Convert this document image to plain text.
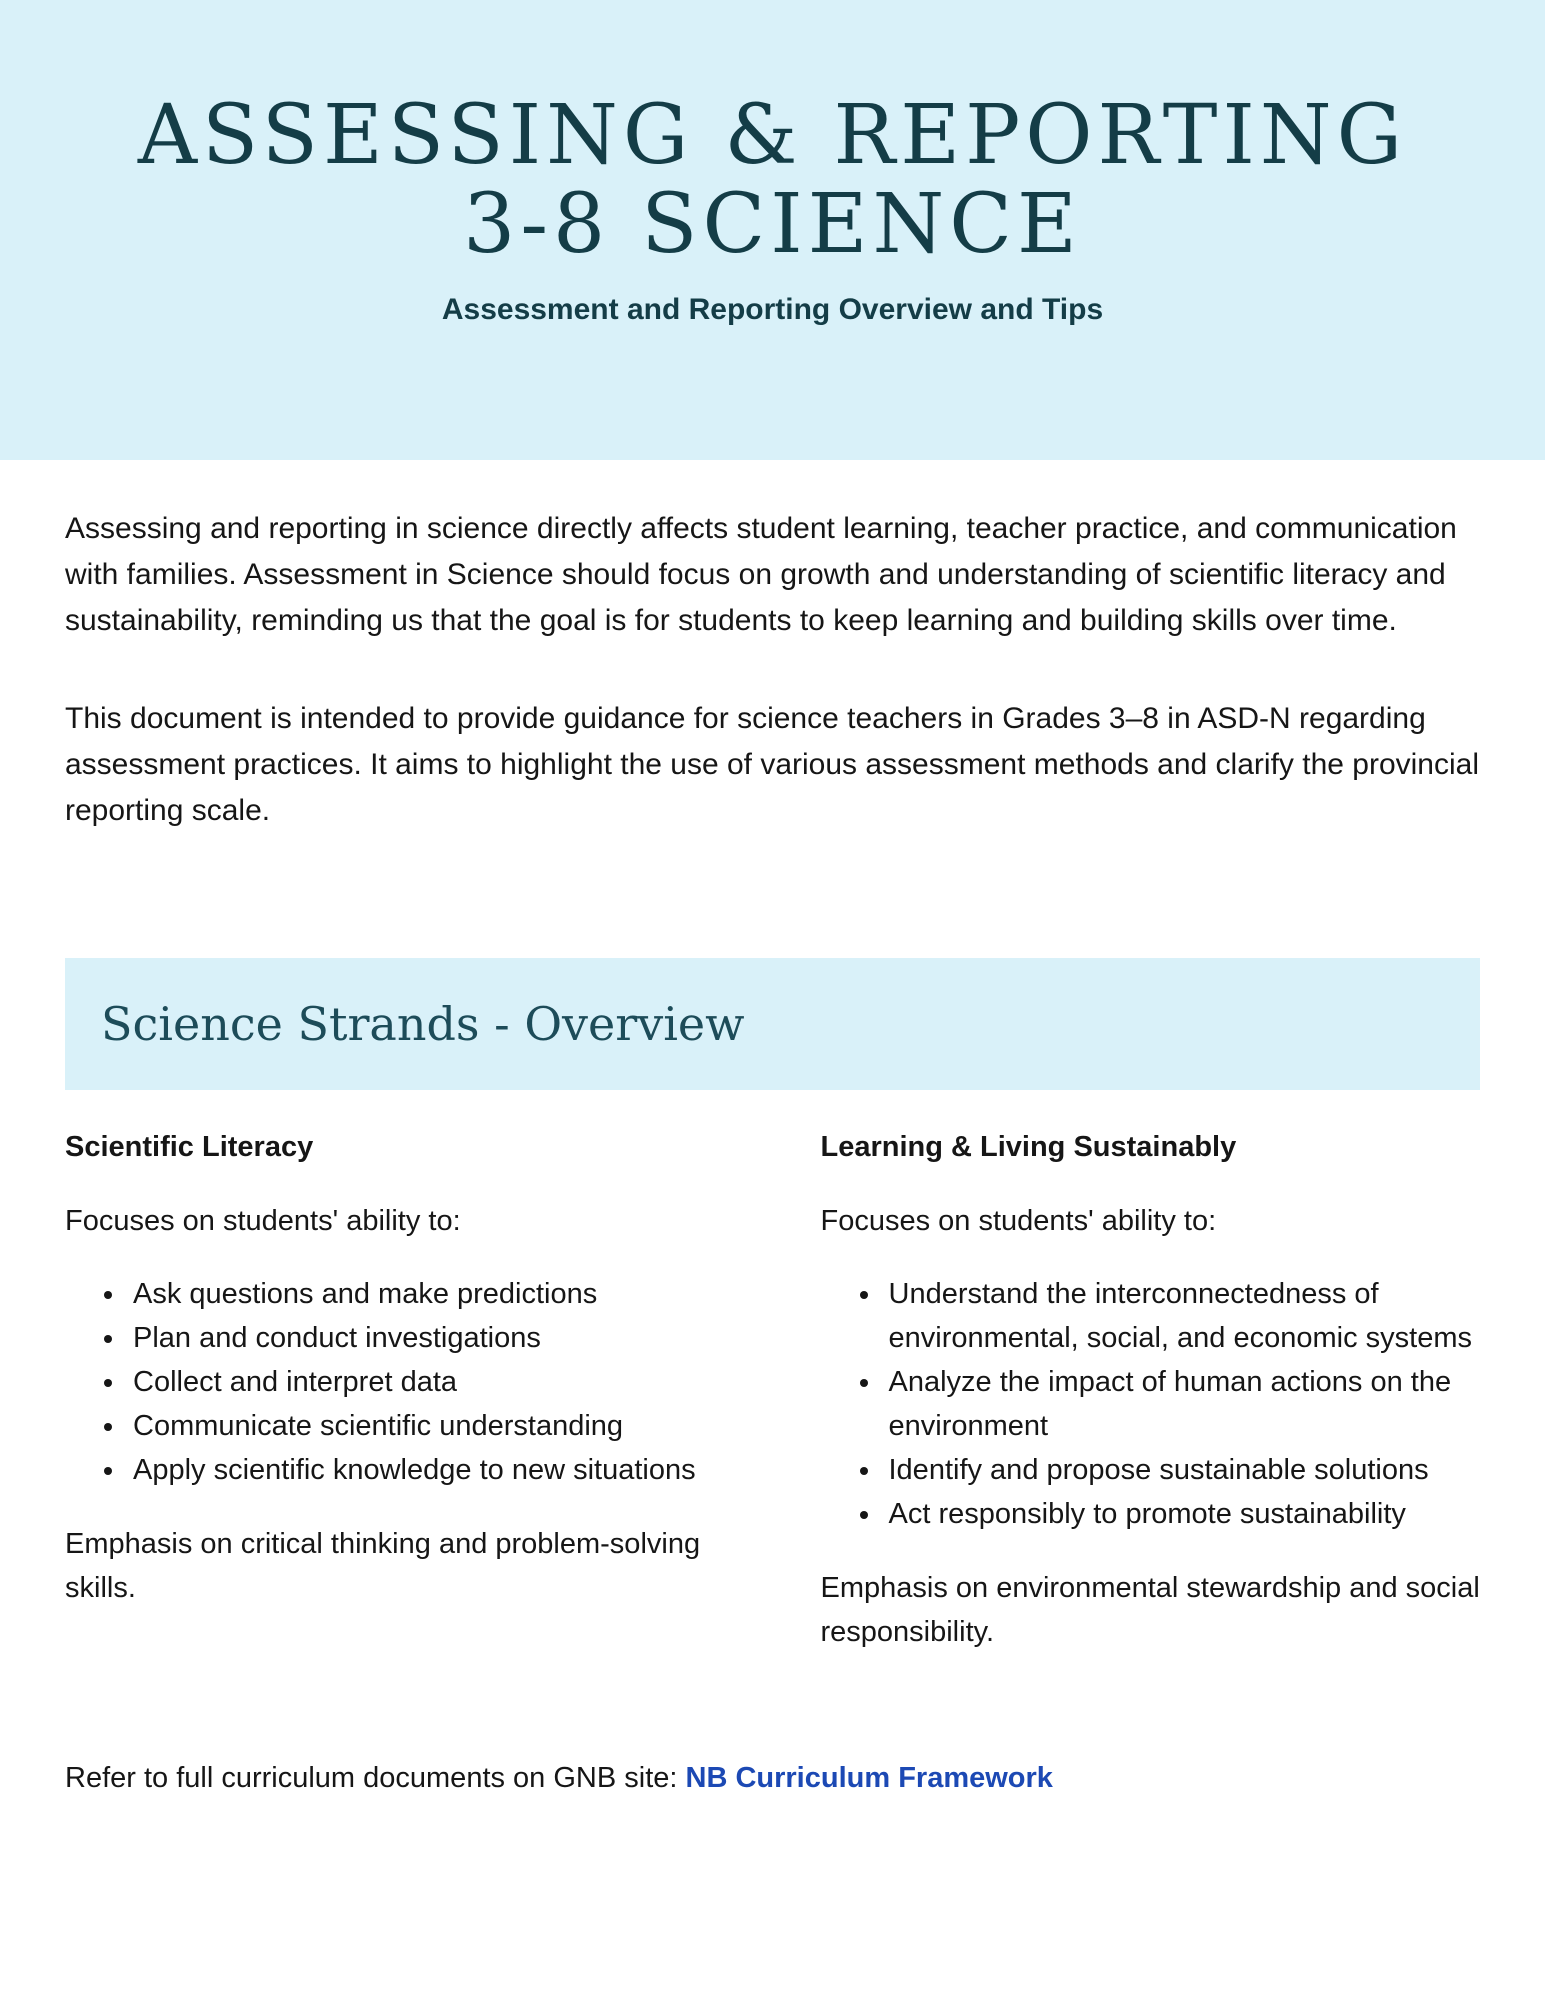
ASSESSING & REPORTING
3-8 SCIENCE
Assessment and Reporting Overview and Tips

Assessing and reporting in science directly affects student learning, teacher practice, and communication with families. Assessment in Science should focus on growth and understanding of scientific literacy and sustainability, reminding us that the goal is for students to keep learning and building skills over time.

This document is intended to provide guidance for science teachers in Grades 3–8 in ASD-N regarding assessment practices. It aims to highlight the use of various assessment methods and clarify the provincial reporting scale.

Science Strands - Overview
Scientific Literacy

Focuses on students' ability to:

• Ask questions and make predictions
• Plan and conduct investigations
• Collect and interpret data
• Communicate scientific understanding
• Apply scientific knowledge to new situations

Emphasis on critical thinking and problem-solving skills.

Learning & Living Sustainably

Focuses on students' ability to:

• Understand the interconnectedness of environmental, social, and economic systems
• Analyze the impact of human actions on the environment
• Identify and propose sustainable solutions
• Act responsibly to promote sustainability

Emphasis on environmental stewardship and social responsibility.

Refer to full curriculum documents on GNB site: NB Curriculum Framework
